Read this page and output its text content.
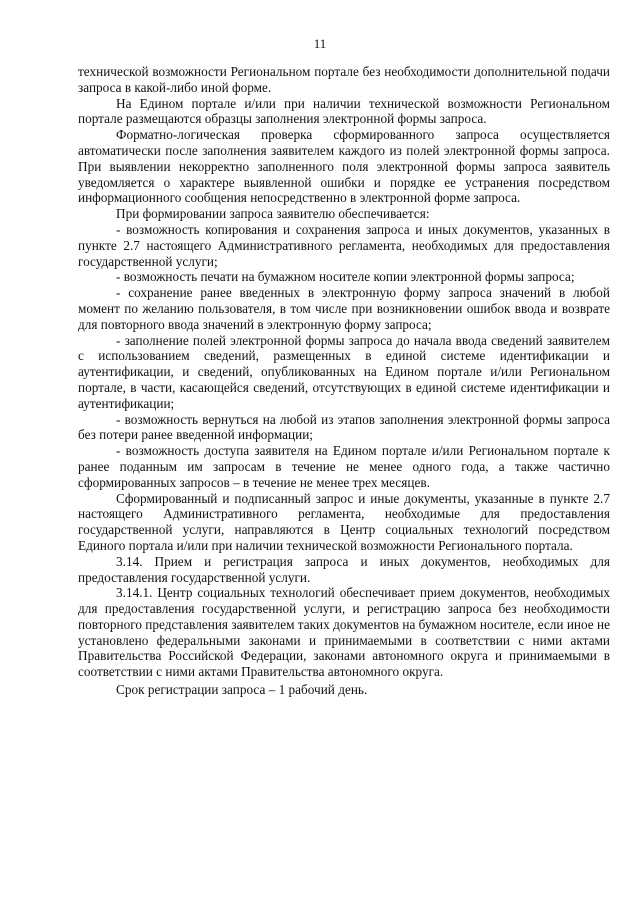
11

технической возможности Региональном портале без необходимости дополнительной подачи запроса в какой-либо иной форме.

На Едином портале и/или при наличии технической возможности Региональном портале размещаются образцы заполнения электронной формы запроса.

Форматно-логическая проверка сформированного запроса осуществляется автоматически после заполнения заявителем каждого из полей электронной формы запроса. При выявлении некорректно заполненного поля электронной формы запроса заявитель уведомляется о характере выявленной ошибки и порядке ее устранения посредством информационного сообщения непосредственно в электронной форме запроса.

При формировании запроса заявителю обеспечивается:

- возможность копирования и сохранения запроса и иных документов, указанных в пункте 2.7 настоящего Административного регламента, необходимых для предоставления государственной услуги;

- возможность печати на бумажном носителе копии электронной формы запроса;

- сохранение ранее введенных в электронную форму запроса значений в любой момент по желанию пользователя, в том числе при возникновении ошибок ввода и возврате для повторного ввода значений в электронную форму запроса;

- заполнение полей электронной формы запроса до начала ввода сведений заявителем с использованием сведений, размещенных в единой системе идентификации и аутентификации, и сведений, опубликованных на Едином портале и/или Региональном портале, в части, касающейся сведений, отсутствующих в единой системе идентификации и аутентификации;

- возможность вернуться на любой из этапов заполнения электронной формы запроса без потери ранее введенной информации;

- возможность доступа заявителя на Едином портале и/или Региональном портале к ранее поданным им запросам в течение не менее одного года, а также частично сформированных запросов – в течение не менее трех месяцев.

Сформированный и подписанный запрос и иные документы, указанные в пункте 2.7 настоящего Административного регламента, необходимые для предоставления государственной услуги, направляются в Центр социальных технологий посредством Единого портала и/или при наличии технической возможности Регионального портала.

3.14. Прием и регистрация запроса и иных документов, необходимых для предоставления государственной услуги.

3.14.1. Центр социальных технологий обеспечивает прием документов, необходимых для предоставления государственной услуги, и регистрацию запроса без необходимости повторного представления заявителем таких документов на бумажном носителе, если иное не установлено федеральными законами и принимаемыми в соответствии с ними актами Правительства Российской Федерации, законами автономного округа и принимаемыми в соответствии с ними актами Правительства автономного округа.

Срок регистрации запроса – 1 рабочий день.
